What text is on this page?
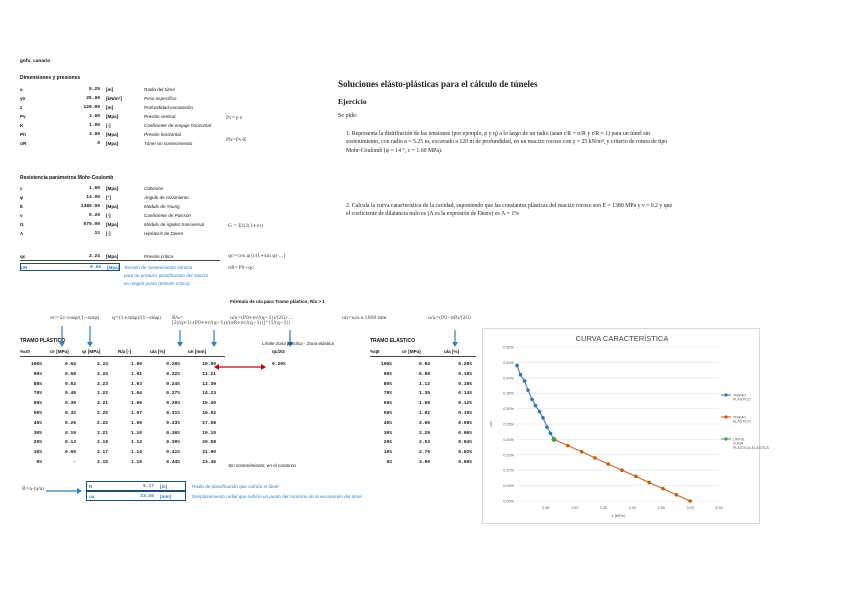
gofu_canario
Dimensiones y presiones
a	5.25 [m]	Radio del túnel
γ0	25.00 [kN/m³]	Peso específico
z	120.00 [m]	Profundidad excavación
Pv	3.00 [Mpa]	Presión vertical
K	1.00 [-]	Coeficiente de empuje horizontal
Ph	3.00 [Mpa]	Presión horizontal
σR	0 [Mpa]	Túnel sin sostenimiento
Pv=γ·z
Ph=Pv·K
Resistencia parámetros Mohr-Coulomb
c	1.60 [Mpa]	Cohesión
φ	14.00 [°]	Ángulo de rozamiento
E	1380.00 [Mpa]	Módulo de Young
ν	0.20 [-]	Coeficiente de Poisson
G	575.00 [Mpa]	Módulo de rigidez transversal
Λ	1% [-]	Hipótesis de Deere
G = E/(2(1+ν))
qc	2.24 [Mpa]	Presión crítica
σR	0.64 [Mpa] Tensión de sostenimiento mínima
para no producir plastificación del macizo
en ningún punto (tensión crítica)
qc=cos φ [c(1+sin φ)·...]
σR=P0−qc
Fórmula de u/a para Tramo plástico, R/a > 1
σc=2c·cosφ/(1−sinφ)	q=(1+sinφ)/(1−sinφ) R/a=[2/(q+1)·(P0+σc/(q−1))/(σR+σc/(q−1))]^(1/(q−1))
u/a=(P0+σc/(q−1))/(2G)·...	un=u/a·a·1000 mm	u/a=(P0−σR)/(2G)
TRAMO PLÁSTICO	Límite zona plástica - Zona elástica	TRAMO ELÁSTICO
%σ0	σr [MPa]	qr [MPa]	R/a [-]	u/a [%]	un [mm]
100%	0.64	2.24	1.00	0.20%	10.50
90%	0.58	2.24	1.01	0.22%	11.21
80%	0.52	2.23	1.03	0.24%	12.39
70%	0.45	2.22	1.04	0.27%	14.23
60%	0.39	2.21	1.06	0.29%	15.40
50%	0.32	2.25	1.07	0.31%	16.52
40%	0.26	2.22	1.09	0.33%	17.58
30%	0.19	2.21	1.10	0.36%	19.10
20%	0.13	2.19	1.12	0.39%	20.58
10%	0.06	2.17	1.14	0.41%	21.90
0%	-	2.15	1.15	0.44%	23.45
qc/2G
0.20%
%q0	σr [MPa]	u/a [%]
100%	0.64	0.20%
90%	0.88	0.18%
80%	1.12	0.16%
70%	1.35	0.14%
60%	1.58	0.12%
50%	1.82	0.10%
40%	2.06	0.08%
30%	2.29	0.06%
20%	2.53	0.04%
10%	2.76	0.02%
0%	3.00	0.00%
Sin sostenimiento, en el contorno
R=a·(u/a)
R	6.17 [m]	Radio de plastificación que sufriría el túnel
ua	23.45 [mm]	Desplazamiento radial que sufriría un punto del contorno de la excavación del túnel
Soluciones elásto-plásticas para el cálculo de túneles
Ejercicio
Se pide:
1. Representa la distribución de las tensiones (por ejemplo, p y q) a lo largo de un radio (sean r/R = σ/R y r/R = 1) para un túnel sin sostenimiento, con radio a = 5.25 m, excavado a 120 m de profundidad, en un macizo rocoso con γ = 25 kN/m³, y criterio de rotura de tipo Mohr-Coulomb (φ = 14 °, c = 1.60 MPa).
2. Calcula la curva característica de la cavidad, suponiendo que las constantes plásticas del macizo rocoso son E = 1380 MPa y ν = 0.2 y que el coeficiente de dilatancia nulo es (Λ es la expresión de Deere) es Λ = 1%
CURVA CARACTERÍSTICA
0.00%
0.05%
0.10%
0.15%
0.20%
0.25%
0.30%
0.35%
0.40%
0.45%
0.50%
-	0.50	1.00	1.50	2.00	2.50	3.00	3.50
σ [MPa]
u/a
TRAMO PLÁSTICO
TRAMO ELÁSTICO
LÍMITE ZONA PLÁSTICA-ELÁSTICA
